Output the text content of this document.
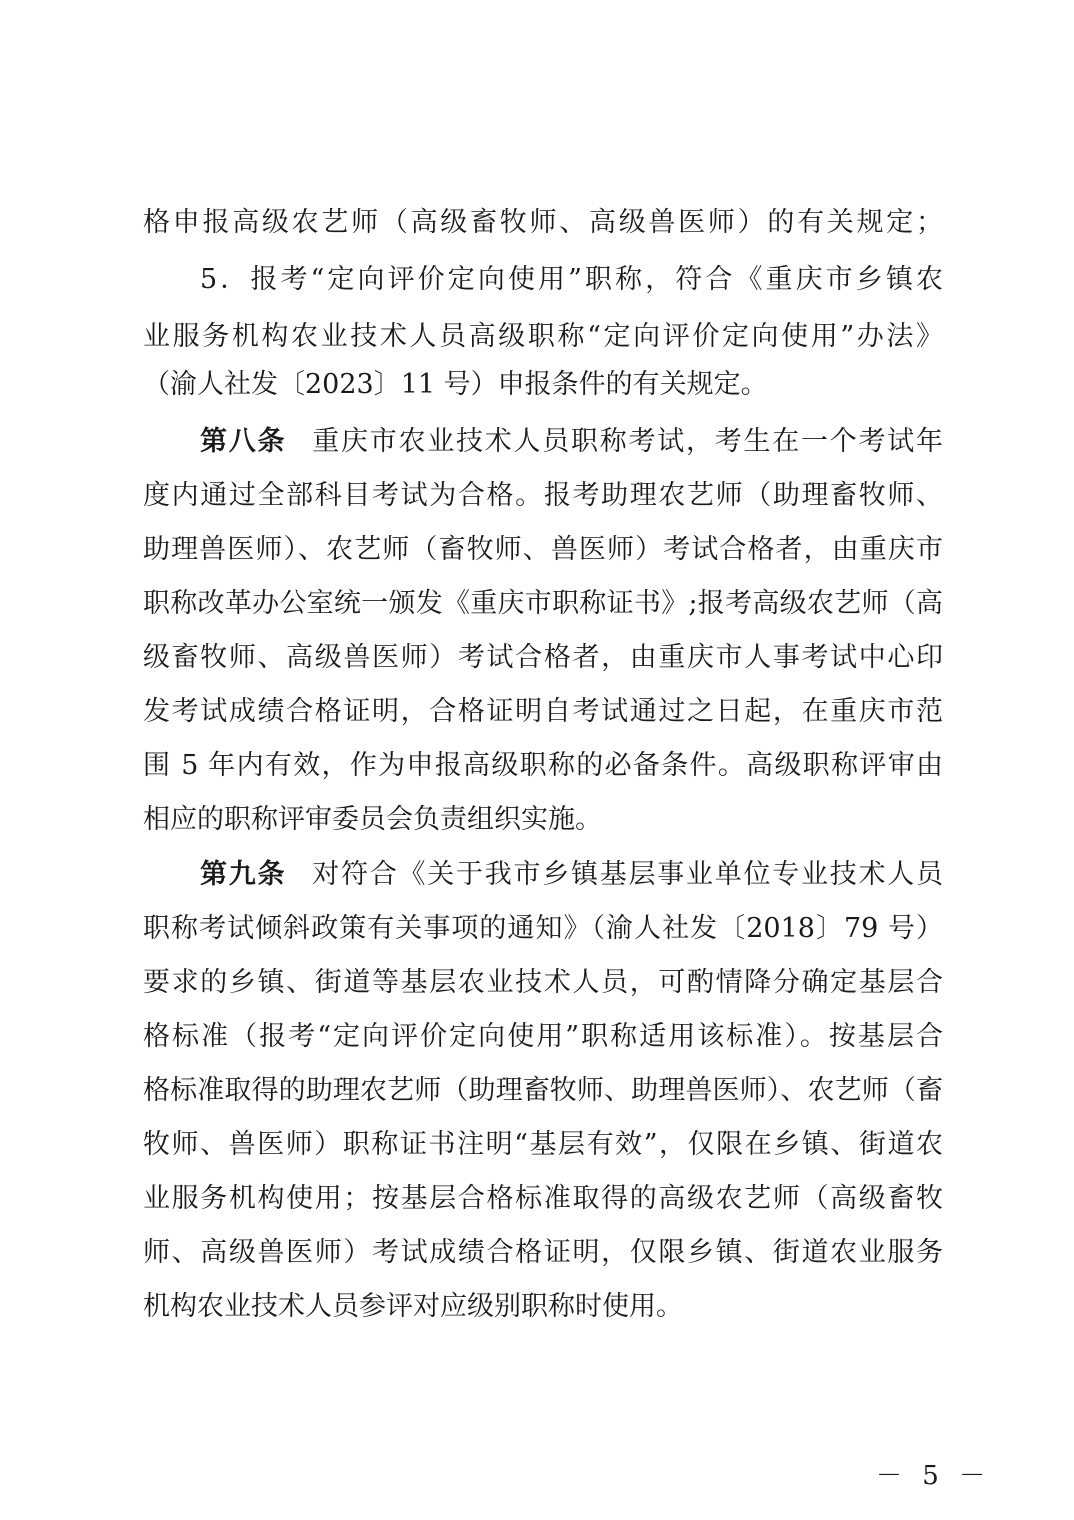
格申报高级农艺师（高级畜牧师、高级兽医师）的有关规定；
5．报考“定向评价定向使用”职称，符合《重庆市乡镇农
业服务机构农业技术人员高级职称“定向评价定向使用”办法》
（渝人社发〔2023〕11 号）申报条件的有关规定。
第八条 重庆市农业技术人员职称考试，考生在一个考试年
度内通过全部科目考试为合格。报考助理农艺师（助理畜牧师、
助理兽医师）、农艺师（畜牧师、兽医师）考试合格者，由重庆市
职称改革办公室统一颁发《重庆市职称证书》;报考高级农艺师（高
级畜牧师、高级兽医师）考试合格者，由重庆市人事考试中心印
发考试成绩合格证明，合格证明自考试通过之日起，在重庆市范
围 5 年内有效，作为申报高级职称的必备条件。高级职称评审由
相应的职称评审委员会负责组织实施。
第九条 对符合《关于我市乡镇基层事业单位专业技术人员
职称考试倾斜政策有关事项的通知》（渝人社发〔2018〕79 号）
要求的乡镇、街道等基层农业技术人员，可酌情降分确定基层合
格标准（报考“定向评价定向使用”职称适用该标准）。按基层合
格标准取得的助理农艺师（助理畜牧师、助理兽医师）、农艺师（畜
牧师、兽医师）职称证书注明“基层有效”，仅限在乡镇、街道农
业服务机构使用；按基层合格标准取得的高级农艺师（高级畜牧
师、高级兽医师）考试成绩合格证明，仅限乡镇、街道农业服务
机构农业技术人员参评对应级别职称时使用。
－ 5 －
